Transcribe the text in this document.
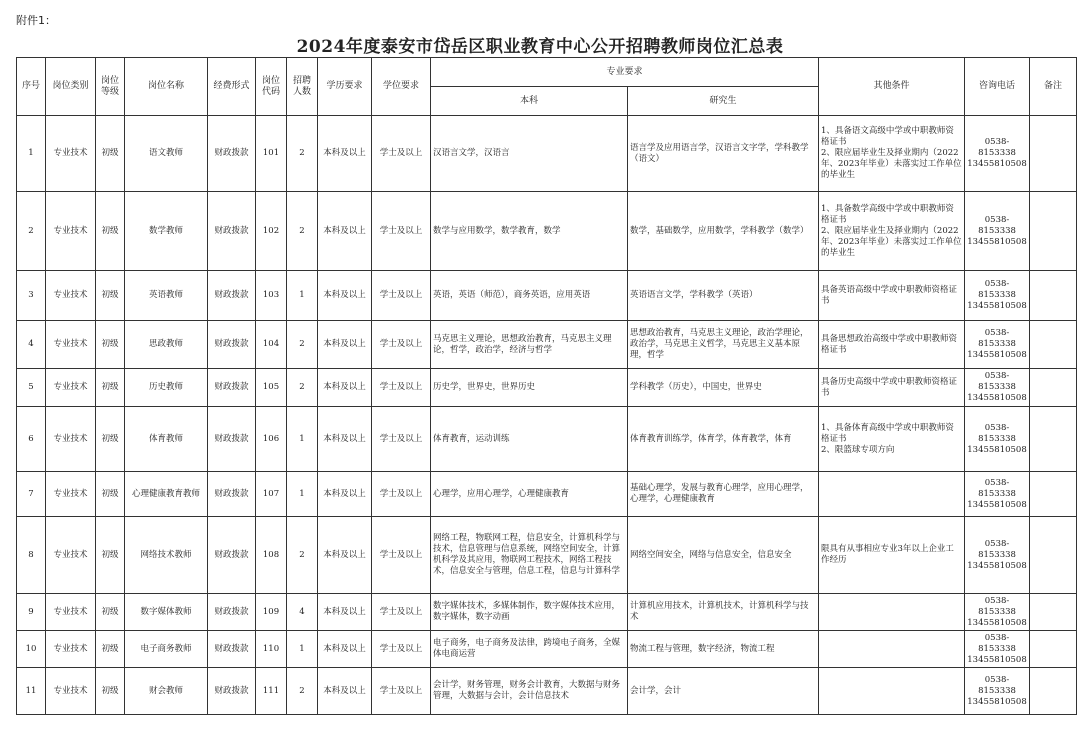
附件1：
2024年度泰安市岱岳区职业教育中心公开招聘教师岗位汇总表
序号	岗位类别	岗位等级	岗位名称	经费形式	岗位代码	招聘人数	学历要求	学位要求	专业要求		其他条件	咨询电话	备注
									本科	研究生			
1	专业技术	初级	语文教师	财政拨款	101	2	本科及以上	学士及以上	汉语言文学，汉语言	语言学及应用语言学，汉语言文字学，学科教学（语文）	1、具备语文高级中学或中职教师资格证书
2、限应届毕业生及择业期内（2022年、2023年毕业）未落实过工作单位的毕业生	0538-8153338
13455810508	

2	专业技术	初级	数学教师	财政拨款	102	2	本科及以上	学士及以上	数学与应用数学，数学教育，数学	数学，基础数学，应用数学，学科教学（数学）	1、具备数学高级中学或中职教师资格证书
2、限应届毕业生及择业期内（2022年、2023年毕业）未落实过工作单位的毕业生	0538-8153338
13455810508	

3	专业技术	初级	英语教师	财政拨款	103	1	本科及以上	学士及以上	英语，英语（师范），商务英语，应用英语	英语语言文学，学科教学（英语）	具备英语高级中学或中职教师资格证书	0538-8153338
13455810508	

4	专业技术	初级	思政教师	财政拨款	104	2	本科及以上	学士及以上	马克思主义理论，思想政治教育，马克思主义理论，哲学，政治学，经济与哲学	思想政治教育，马克思主义理论，政治学理论，政治学，马克思主义哲学，马克思主义基本原理，哲学	具备思想政治高级中学或中职教师资格证书	0538-8153338
13455810508	

5	专业技术	初级	历史教师	财政拨款	105	2	本科及以上	学士及以上	历史学，世界史，世界历史	学科教学（历史），中国史，世界史	具备历史高级中学或中职教师资格证书	0538-8153338
13455810508	

6	专业技术	初级	体育教师	财政拨款	106	1	本科及以上	学士及以上	体育教育，运动训练	体育教育训练学，体育学，体育教学，体育	1、具备体育高级中学或中职教师资格证书
2、限篮球专项方向	0538-8153338
13455810508	

7	专业技术	初级	心理健康教育教师	财政拨款	107	1	本科及以上	学士及以上	心理学，应用心理学，心理健康教育	基础心理学，发展与教育心理学，应用心理学，心理学，心理健康教育		0538-8153338
13455810508	

8	专业技术	初级	网络技术教师	财政拨款	108	2	本科及以上	学士及以上	网络工程，物联网工程，信息安全，计算机科学与技术，信息管理与信息系统，网络空间安全，计算机科学及其应用，物联网工程技术，网络工程技术，信息安全与管理，信息工程，信息与计算科学	网络空间安全，网络与信息安全，信息安全	限具有从事相应专业3年以上企业工作经历	0538-8153338
13455810508	

9	专业技术	初级	数字媒体教师	财政拨款	109	4	本科及以上	学士及以上	数字媒体技术，多媒体制作，数字媒体技术应用，数字媒体，数字动画	计算机应用技术，计算机技术，计算机科学与技术		0538-8153338
13455810508	

10	专业技术	初级	电子商务教师	财政拨款	110	1	本科及以上	学士及以上	电子商务，电子商务及法律，跨境电子商务，全媒体电商运营	物流工程与管理，数字经济，物流工程		0538-8153338
13455810508	

11	专业技术	初级	财会教师	财政拨款	111	2	本科及以上	学士及以上	会计学，财务管理，财务会计教育，大数据与财务管理，大数据与会计，会计信息技术	会计学，会计		0538-8153338
13455810508	
